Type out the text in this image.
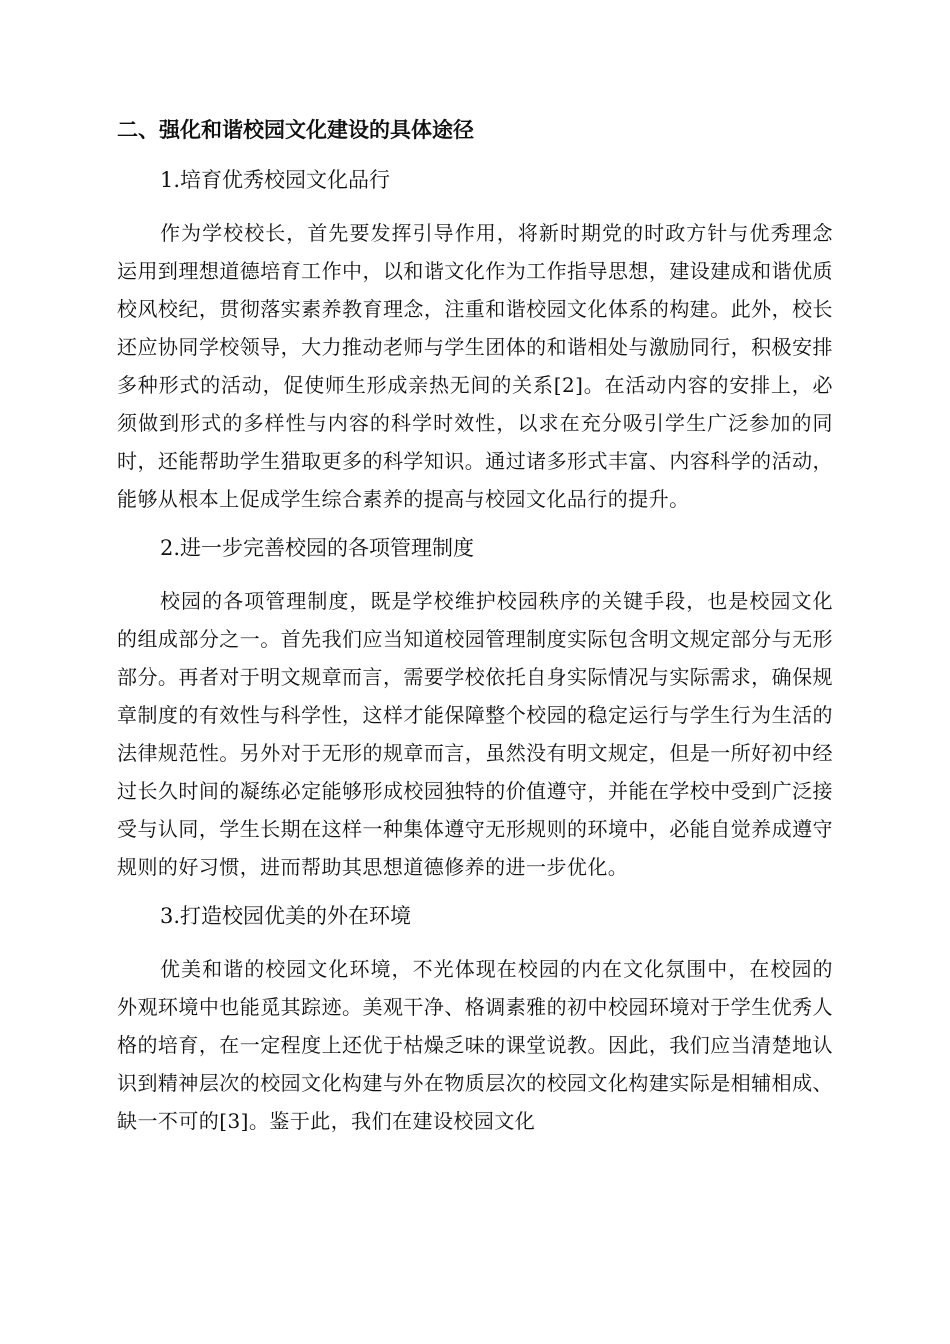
二、强化和谐校园文化建设的具体途径
1.培育优秀校园文化品行

作为学校校长，首先要发挥引导作用，将新时期党的时政方针与优秀理念运用到理想道德培育工作中，以和谐文化作为工作指导思想，建设建成和谐优质校风校纪，贯彻落实素养教育理念，注重和谐校园文化体系的构建。此外，校长还应协同学校领导，大力推动老师与学生团体的和谐相处与激励同行，积极安排多种形式的活动，促使师生形成亲热无间的关系[2]。在活动内容的安排上，必须做到形式的多样性与内容的科学时效性，以求在充分吸引学生广泛参加的同时，还能帮助学生猎取更多的科学知识。通过诸多形式丰富、内容科学的活动，能够从根本上促成学生综合素养的提高与校园文化品行的提升。

2.进一步完善校园的各项管理制度

校园的各项管理制度，既是学校维护校园秩序的关键手段，也是校园文化的组成部分之一。首先我们应当知道校园管理制度实际包含明文规定部分与无形部分。再者对于明文规章而言，需要学校依托自身实际情况与实际需求，确保规章制度的有效性与科学性，这样才能保障整个校园的稳定运行与学生行为生活的法律规范性。另外对于无形的规章而言，虽然没有明文规定，但是一所好初中经过长久时间的凝练必定能够形成校园独特的价值遵守，并能在学校中受到广泛接受与认同，学生长期在这样一种集体遵守无形规则的环境中，必能自觉养成遵守规则的好习惯，进而帮助其思想道德修养的进一步优化。

3.打造校园优美的外在环境

优美和谐的校园文化环境，不光体现在校园的内在文化氛围中，在校园的外观环境中也能觅其踪迹。美观干净、格调素雅的初中校园环境对于学生优秀人格的培育，在一定程度上还优于枯燥乏味的课堂说教。因此，我们应当清楚地认识到精神层次的校园文化构建与外在物质层次的校园文化构建实际是相辅相成、缺一不可的[3]。鉴于此，我们在建设校园文化
